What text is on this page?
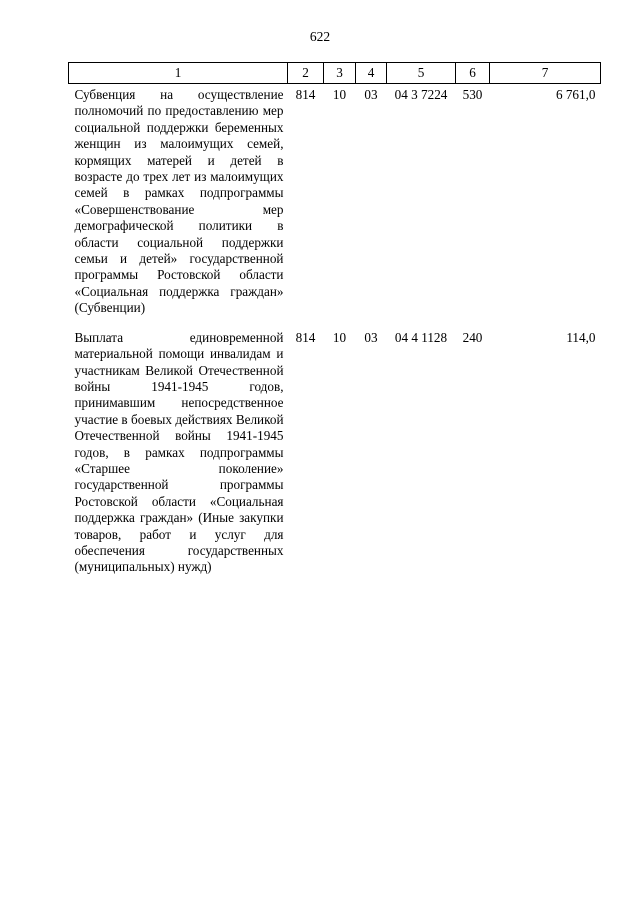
622
1	2	3	4	5	6	7
Субвенция на осуществление полномочий по предоставлению мер социальной поддержки беременных женщин из малоимущих семей, кормящих матерей и детей в возрасте до трех лет из малоимущих семей в рамках подпрограммы «Совершенствование мер демографической политики в области социальной поддержки семьи и детей» государственной программы Ростовской области «Социальная поддержка граждан» (Субвенции)	814	10	03	04 3 7224	530	6 761,0
Выплата единовременной материальной помощи инвалидам и участникам Великой Отечественной войны 1941-1945 годов, принимавшим непосредственное участие в боевых действиях Великой Отечественной войны 1941-1945 годов, в рамках подпрограммы «Старшее поколение» государственной программы Ростовской области «Социальная поддержка граждан» (Иные закупки товаров, работ и услуг для обеспечения государственных (муниципальных) нужд)	814	10	03	04 4 1128	240	114,0
